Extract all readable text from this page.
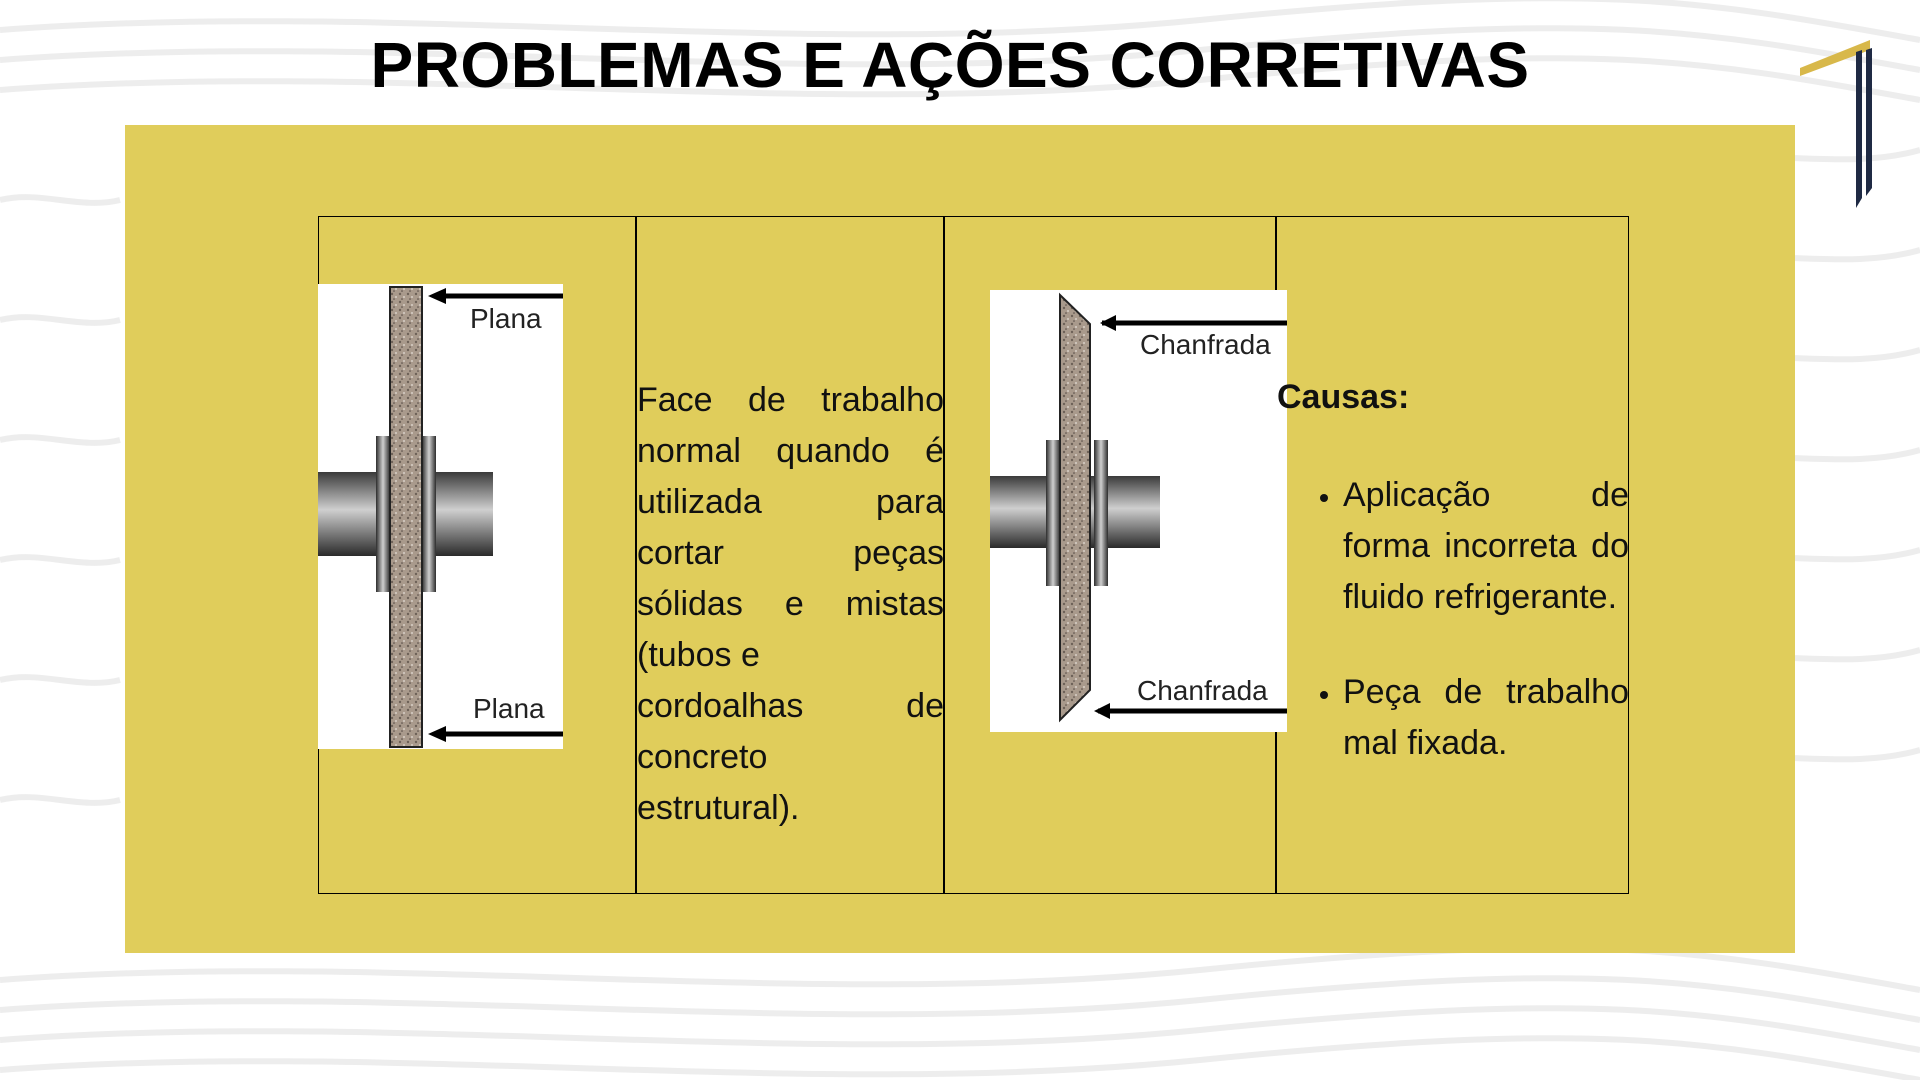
PROBLEMAS E AÇÕES CORRETIVAS
Plana
Plana
Face de trabalho
normal quando é
utilizada para
cortar peças
sólidas e mistas
(tubos e
cordoalhas de
concreto
estrutural).
Chanfrada
Chanfrada
Causas:
• Aplicação de forma incorreta do fluido refrigerante.
• Peça de trabalho mal fixada.
